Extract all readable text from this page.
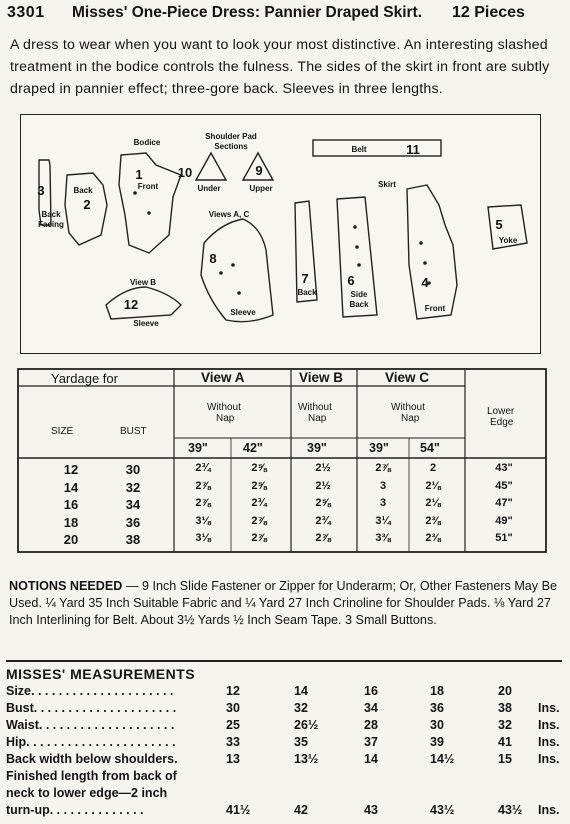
3301 Misses' One-Piece Dress: Pannier Draped Skirt. 12 Pieces
A dress to wear when you want to look your most distinctive. An interesting slashed treatment in the bodice controls the fulness. The sides of the skirt in front are subtly draped in pannier effect; three-gore back. Sleeves in three lengths.
Bodice
Shoulder Pad
Sections
Under	Upper
Belt
Skirt
Back
Back
Facing
Front
Views A, C
View B
Sleeve
Sleeve
Back	Side
Back	Front
Yoke
3
2
1	10	9
11
8
12
7	6	4
5
Yardage for	View A	View B	View C
Without
Nap
Without
Nap
Without
Nap
SIZE	BUST
Lower
Edge
39"	42"	39"	39" 54"
12	30	2¾	2⅝	2½	2⅞	2	43"
14	32	2⅞	2⅝	2½	3	2⅛	45"
16	34	2⅞	2¾	2⅝	3	2⅛	47"
18	36	3⅛	2⅞	2¾	3¼	2⅜	49"
20	38	3⅛	2⅞	2⅞	3⅜	2⅜	51"
NOTIONS NEEDED — 9 Inch Slide Fastener or Zipper for Underarm; Or, Other Fasteners May Be Used. ¼ Yard 35 Inch Suitable Fabric and ¼ Yard 27 Inch Crinoline for Shoulder Pads. ⅛ Yard 27 Inch Interlining for Belt. About 3½ Yards ½ Inch Seam Tape. 3 Small Buttons.
MISSES' MEASUREMENTS
Size. . . . . . . . . . . . . . . . . . . . .	12	14	16	18	20
Bust. . . . . . . . . . . . . . . . . . . . .	30	32	34	36	38 Ins.
Waist. . . . . . . . . . . . . . . . . . . .	25	26½	28	30	32 Ins.
Hip. . . . . . . . . . . . . . . . . . . . . .	33	35	37	39	41 Ins.
Back width below shoulders.	13	13½	14	14½	15 Ins.
Finished length from back of
neck to lower edge—2 inch
turn-up. . . . . . . . . . . . . .	41½	42	43	43½	43½ Ins.
